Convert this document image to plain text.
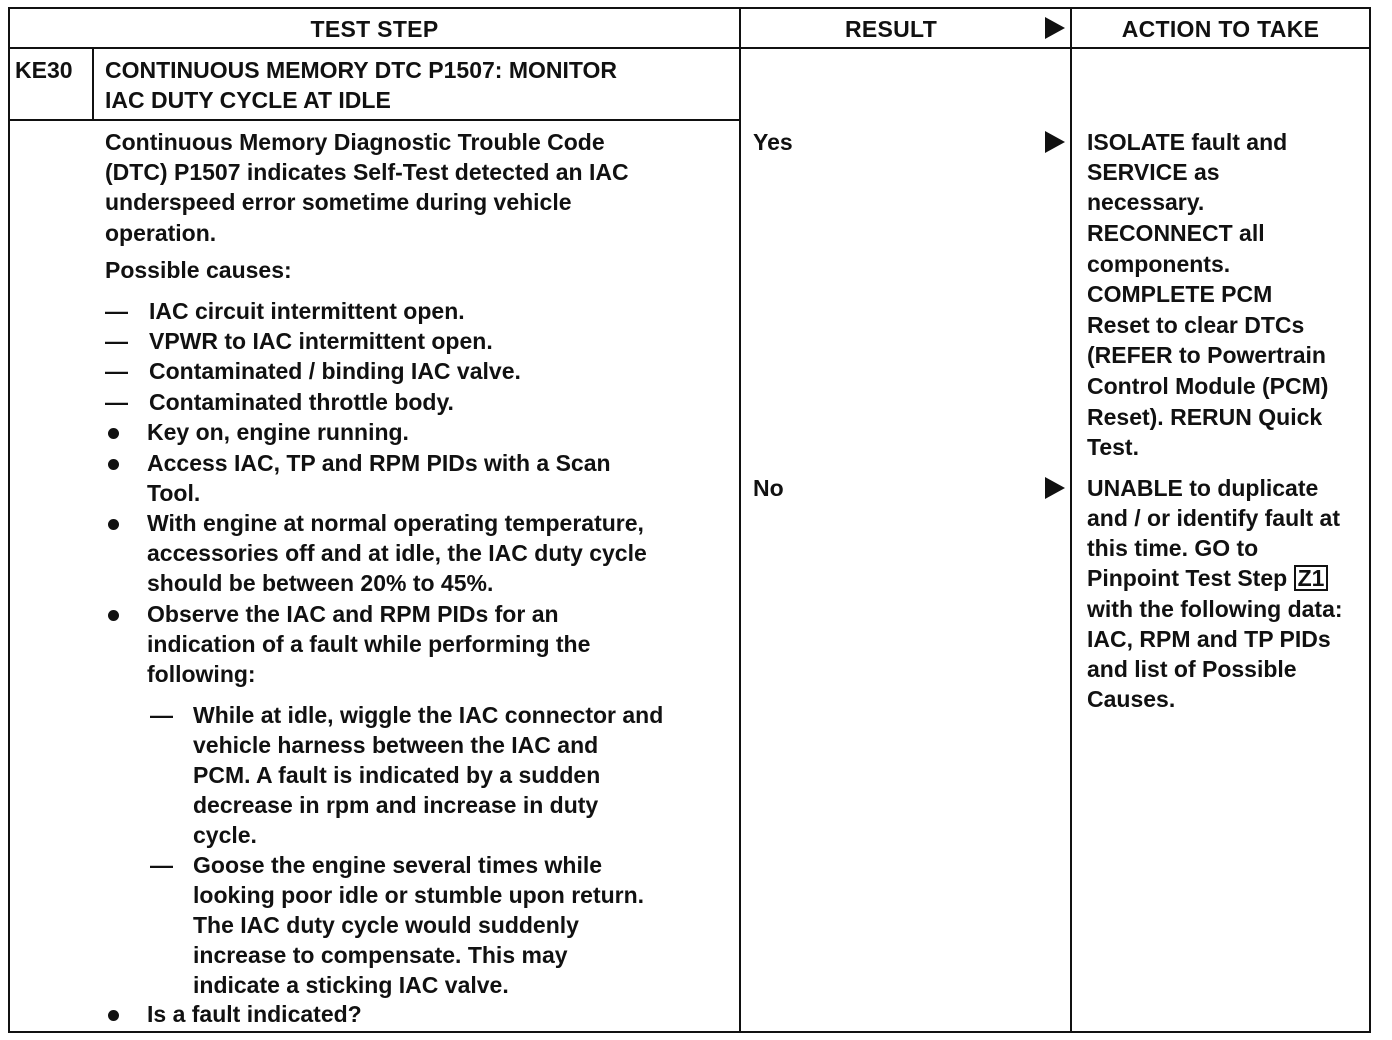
TEST STEP	RESULT	ACTION TO TAKE
KE30 CONTINUOUS MEMORY DTC P1507: MONITOR
IAC DUTY CYCLE AT IDLE
Continuous Memory Diagnostic Trouble Code
(DTC) P1507 indicates Self-Test detected an IAC
underspeed error sometime during vehicle
operation.
Possible causes:
— IAC circuit intermittent open.
— VPWR to IAC intermittent open.
— Contaminated / binding IAC valve.
— Contaminated throttle body.
Key on, engine running.
Access IAC, TP and RPM PIDs with a Scan
Tool.
With engine at normal operating temperature,
accessories off and at idle, the IAC duty cycle
should be between 20% to 45%.
Observe the IAC and RPM PIDs for an
indication of a fault while performing the
following:
— While at idle, wiggle the IAC connector and
vehicle harness between the IAC and
PCM. A fault is indicated by a sudden
decrease in rpm and increase in duty
cycle.
— Goose the engine several times while
looking poor idle or stumble upon return.
The IAC duty cycle would suddenly
increase to compensate. This may
indicate a sticking IAC valve.
Is a fault indicated?
Yes
No
ISOLATE fault and
SERVICE as
necessary.
RECONNECT all
components.
COMPLETE PCM
Reset to clear DTCs
(REFER to Powertrain
Control Module (PCM)
Reset). RERUN Quick
Test.
UNABLE to duplicate
and / or identify fault at
this time. GO to
Pinpoint Test Step Z1
with the following data:
IAC, RPM and TP PIDs
and list of Possible
Causes.
